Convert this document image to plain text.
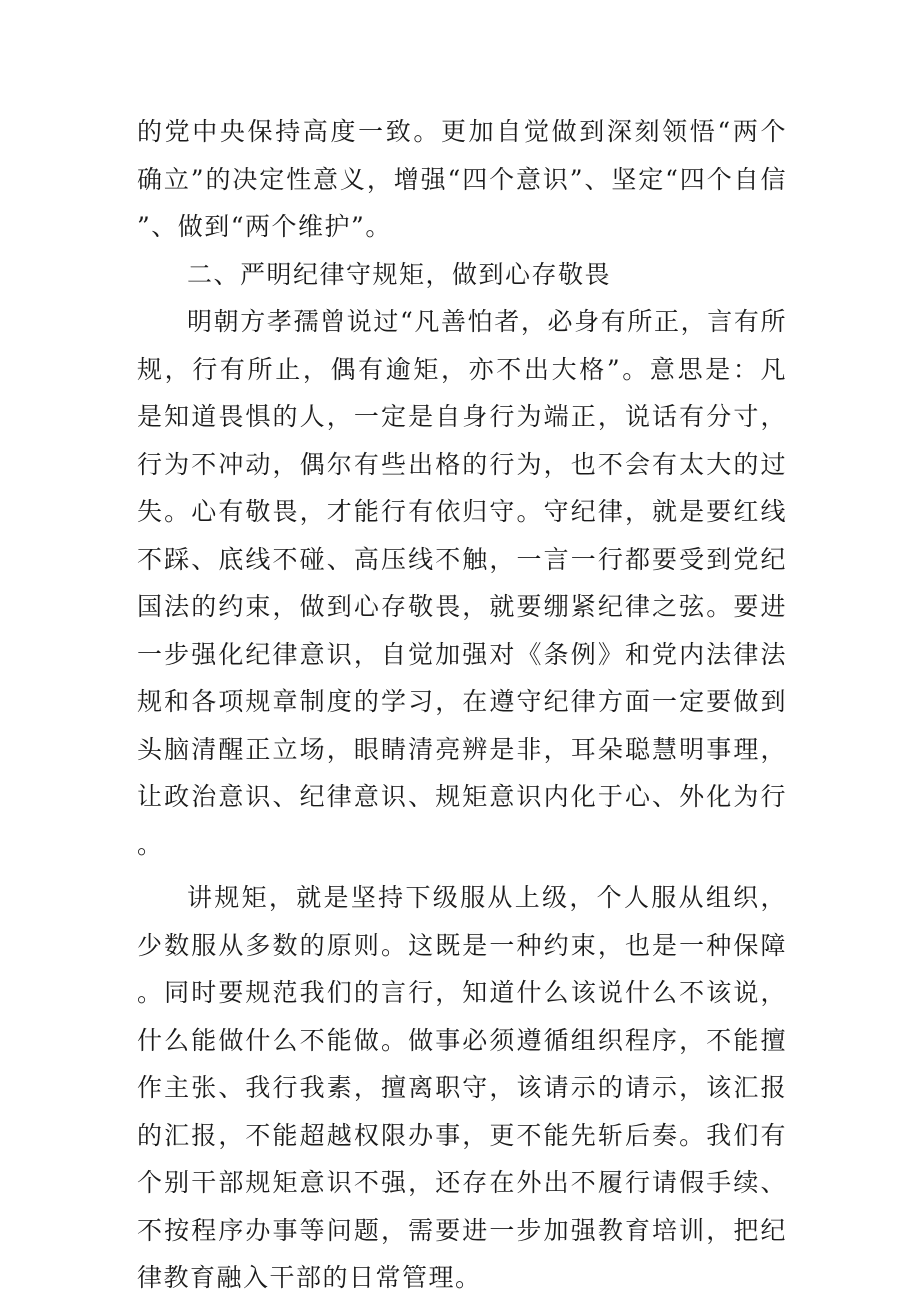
的党中央保持高度一致。更加自觉做到深刻领悟“两个确立”的决定性意义，增强“四个意识”、坚定“四个自信”、做到“两个维护”。

二、严明纪律守规矩，做到心存敬畏

明朝方孝孺曾说过“凡善怕者，必身有所正，言有所规，行有所止，偶有逾矩，亦不出大格”。意思是：凡是知道畏惧的人，一定是自身行为端正，说话有分寸，行为不冲动，偶尔有些出格的行为，也不会有太大的过失。心有敬畏，才能行有依归守。守纪律，就是要红线不踩、底线不碰、高压线不触，一言一行都要受到党纪国法的约束，做到心存敬畏，就要绷紧纪律之弦。要进一步强化纪律意识，自觉加强对《条例》和党内法律法规和各项规章制度的学习，在遵守纪律方面一定要做到头脑清醒正立场，眼睛清亮辨是非，耳朵聪慧明事理，让政治意识、纪律意识、规矩意识内化于心、外化为行。

讲规矩，就是坚持下级服从上级，个人服从组织，少数服从多数的原则。这既是一种约束，也是一种保障。同时要规范我们的言行，知道什么该说什么不该说，什么能做什么不能做。做事必须遵循组织程序，不能擅作主张、我行我素，擅离职守，该请示的请示，该汇报的汇报，不能超越权限办事，更不能先斩后奏。我们有个别干部规矩意识不强，还存在外出不履行请假手续、不按程序办事等问题，需要进一步加强教育培训，把纪律教育融入干部的日常管理。
